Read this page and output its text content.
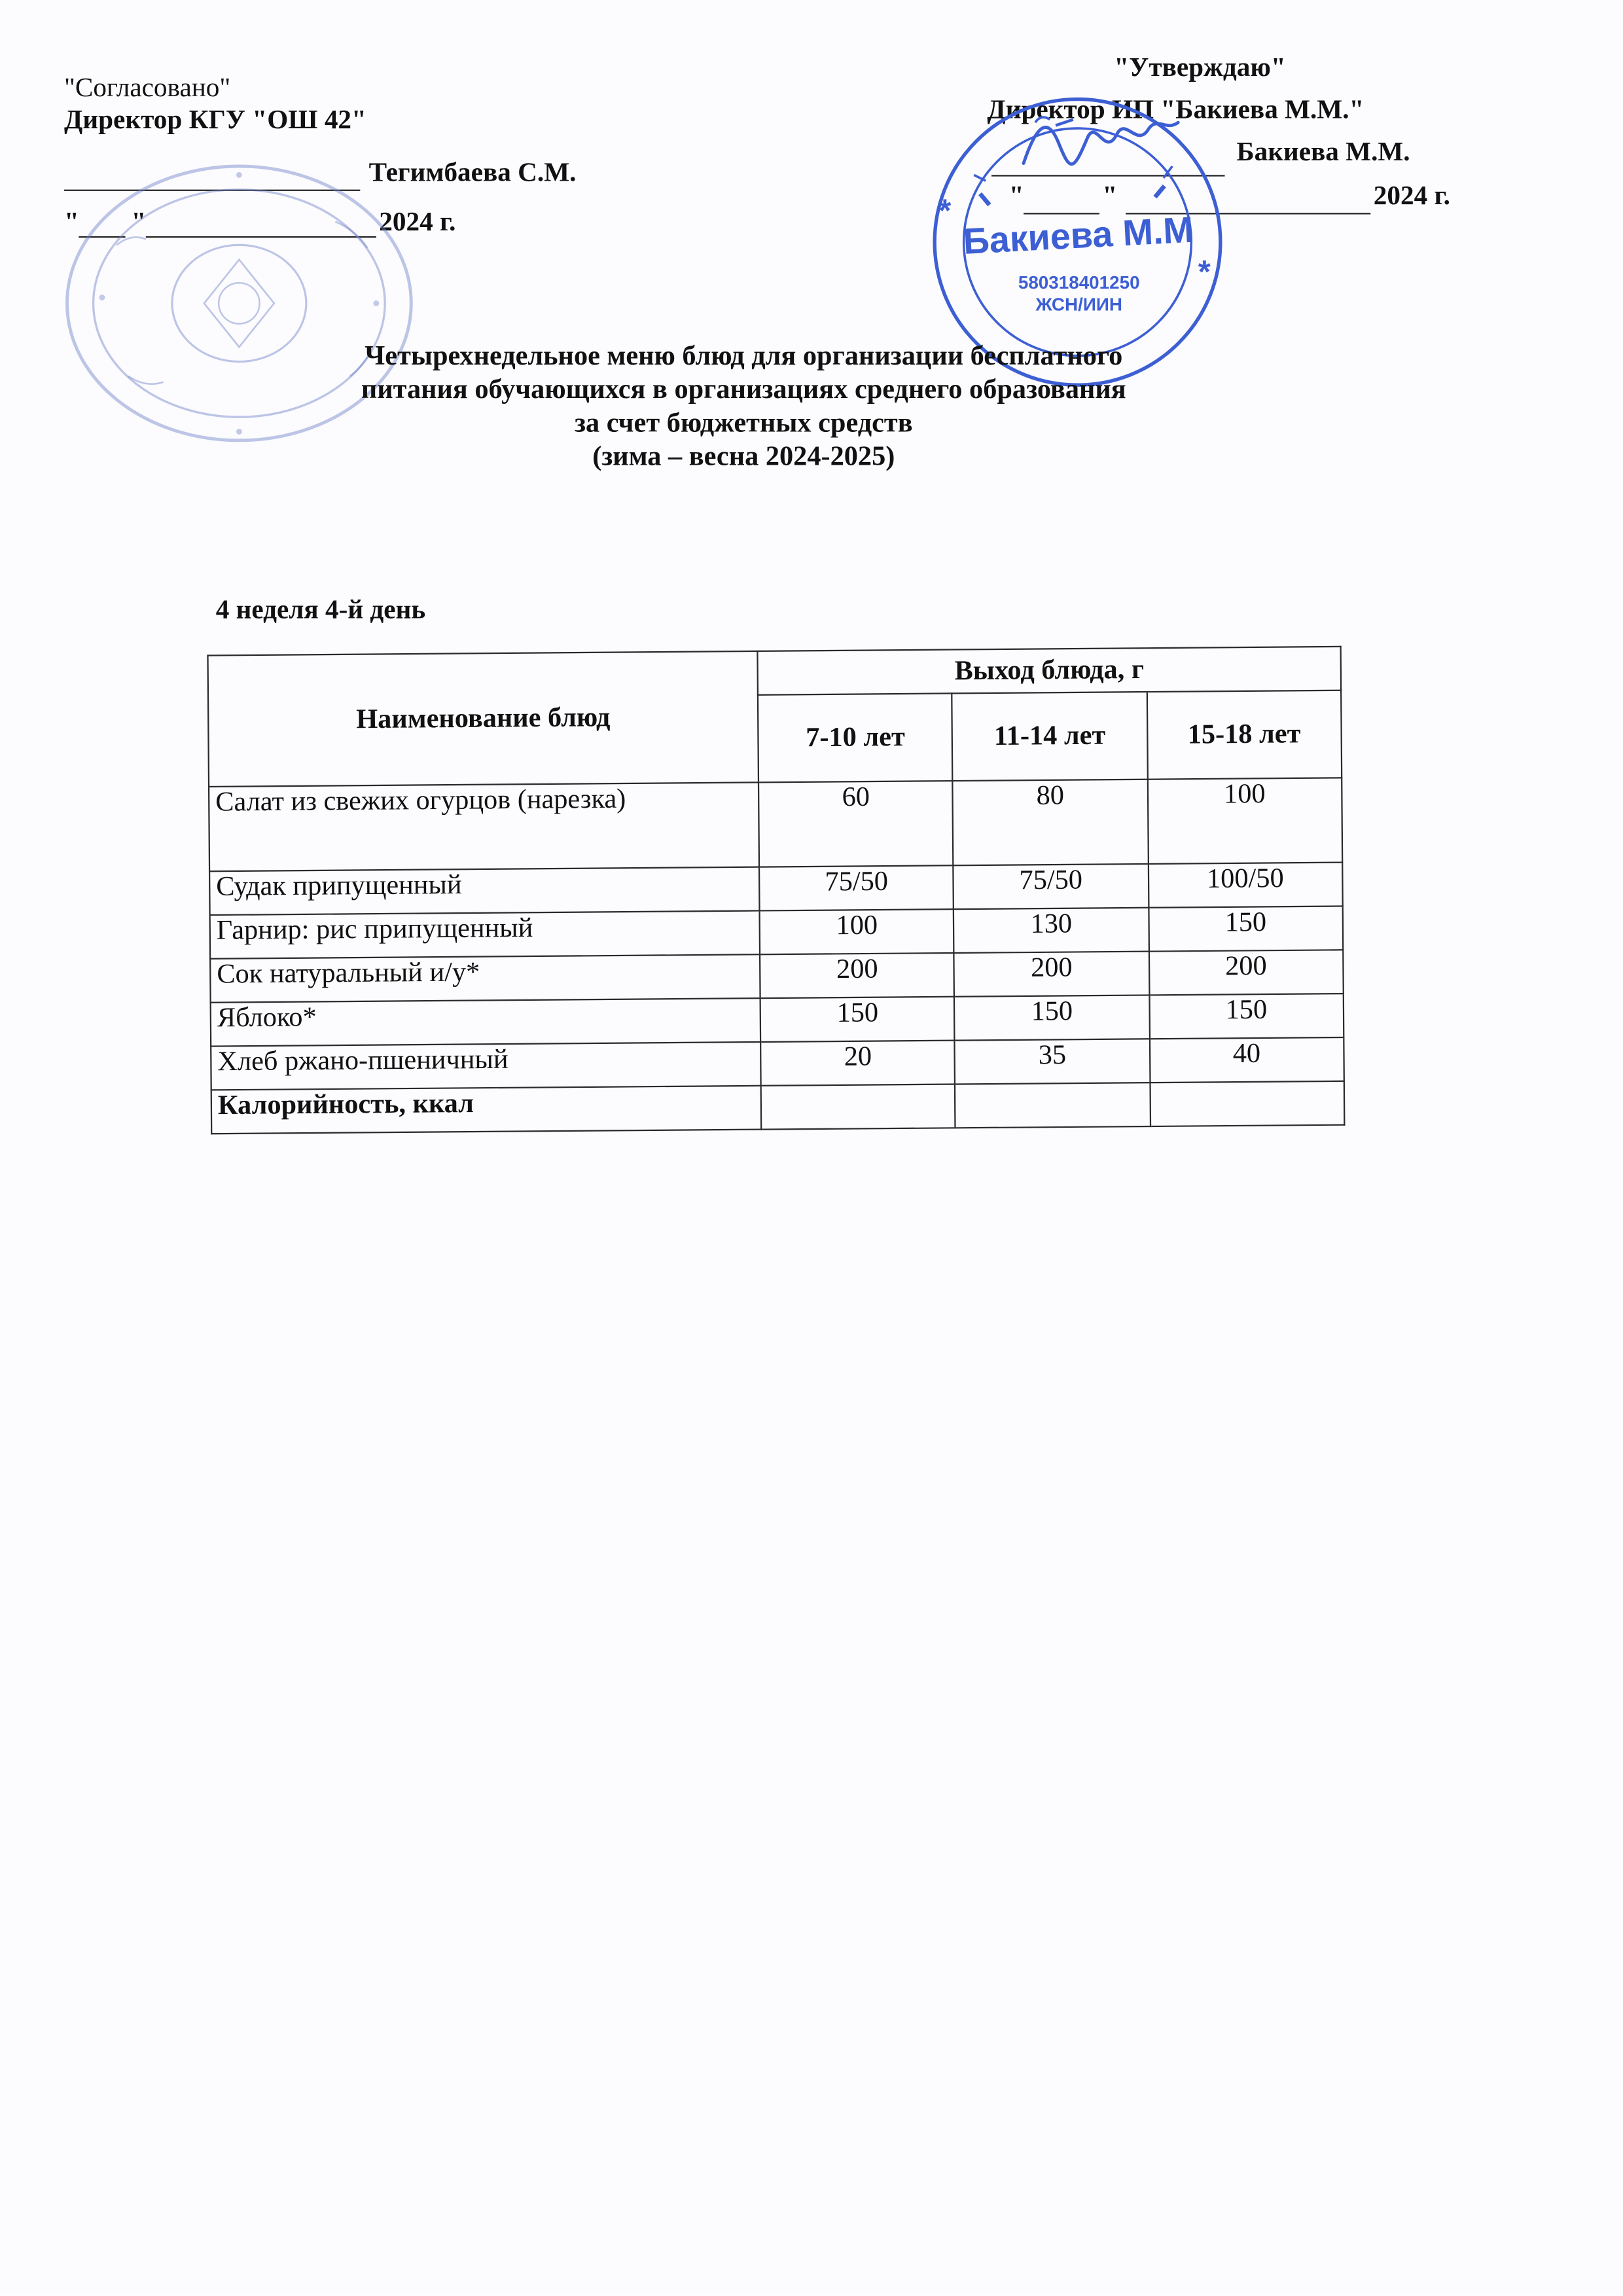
"Согласовано"
Директор КГУ "ОШ 42"
Тегимбаева С.М.
"	"	2024 г.
"Утверждаю"
Директор ИП "Бакиева М.М."
Бакиева М.М.
"	"	2024 г.
Бакиева М.М
580318401250
ЖСН/ИИН
*
*
Четырехнедельное меню блюд для организации бесплатного
питания обучающихся в организациях среднего образования
за счет бюджетных средств
(зима – весна 2024-2025)
4 неделя 4-й день
Наименование блюд	Выход блюда, г		
	7-10 лет	11-14 лет	15-18 лет
Салат из свежих огурцов (нарезка)	60	80	100
Судак припущенный	75/50	75/50	100/50
Гарнир: рис припущенный	100	130	150
Сок натуральный и/у*	200	200	200
Яблоко*	150	150	150
Хлеб ржано-пшеничный	20	35	40
Калорийность, ккал			
